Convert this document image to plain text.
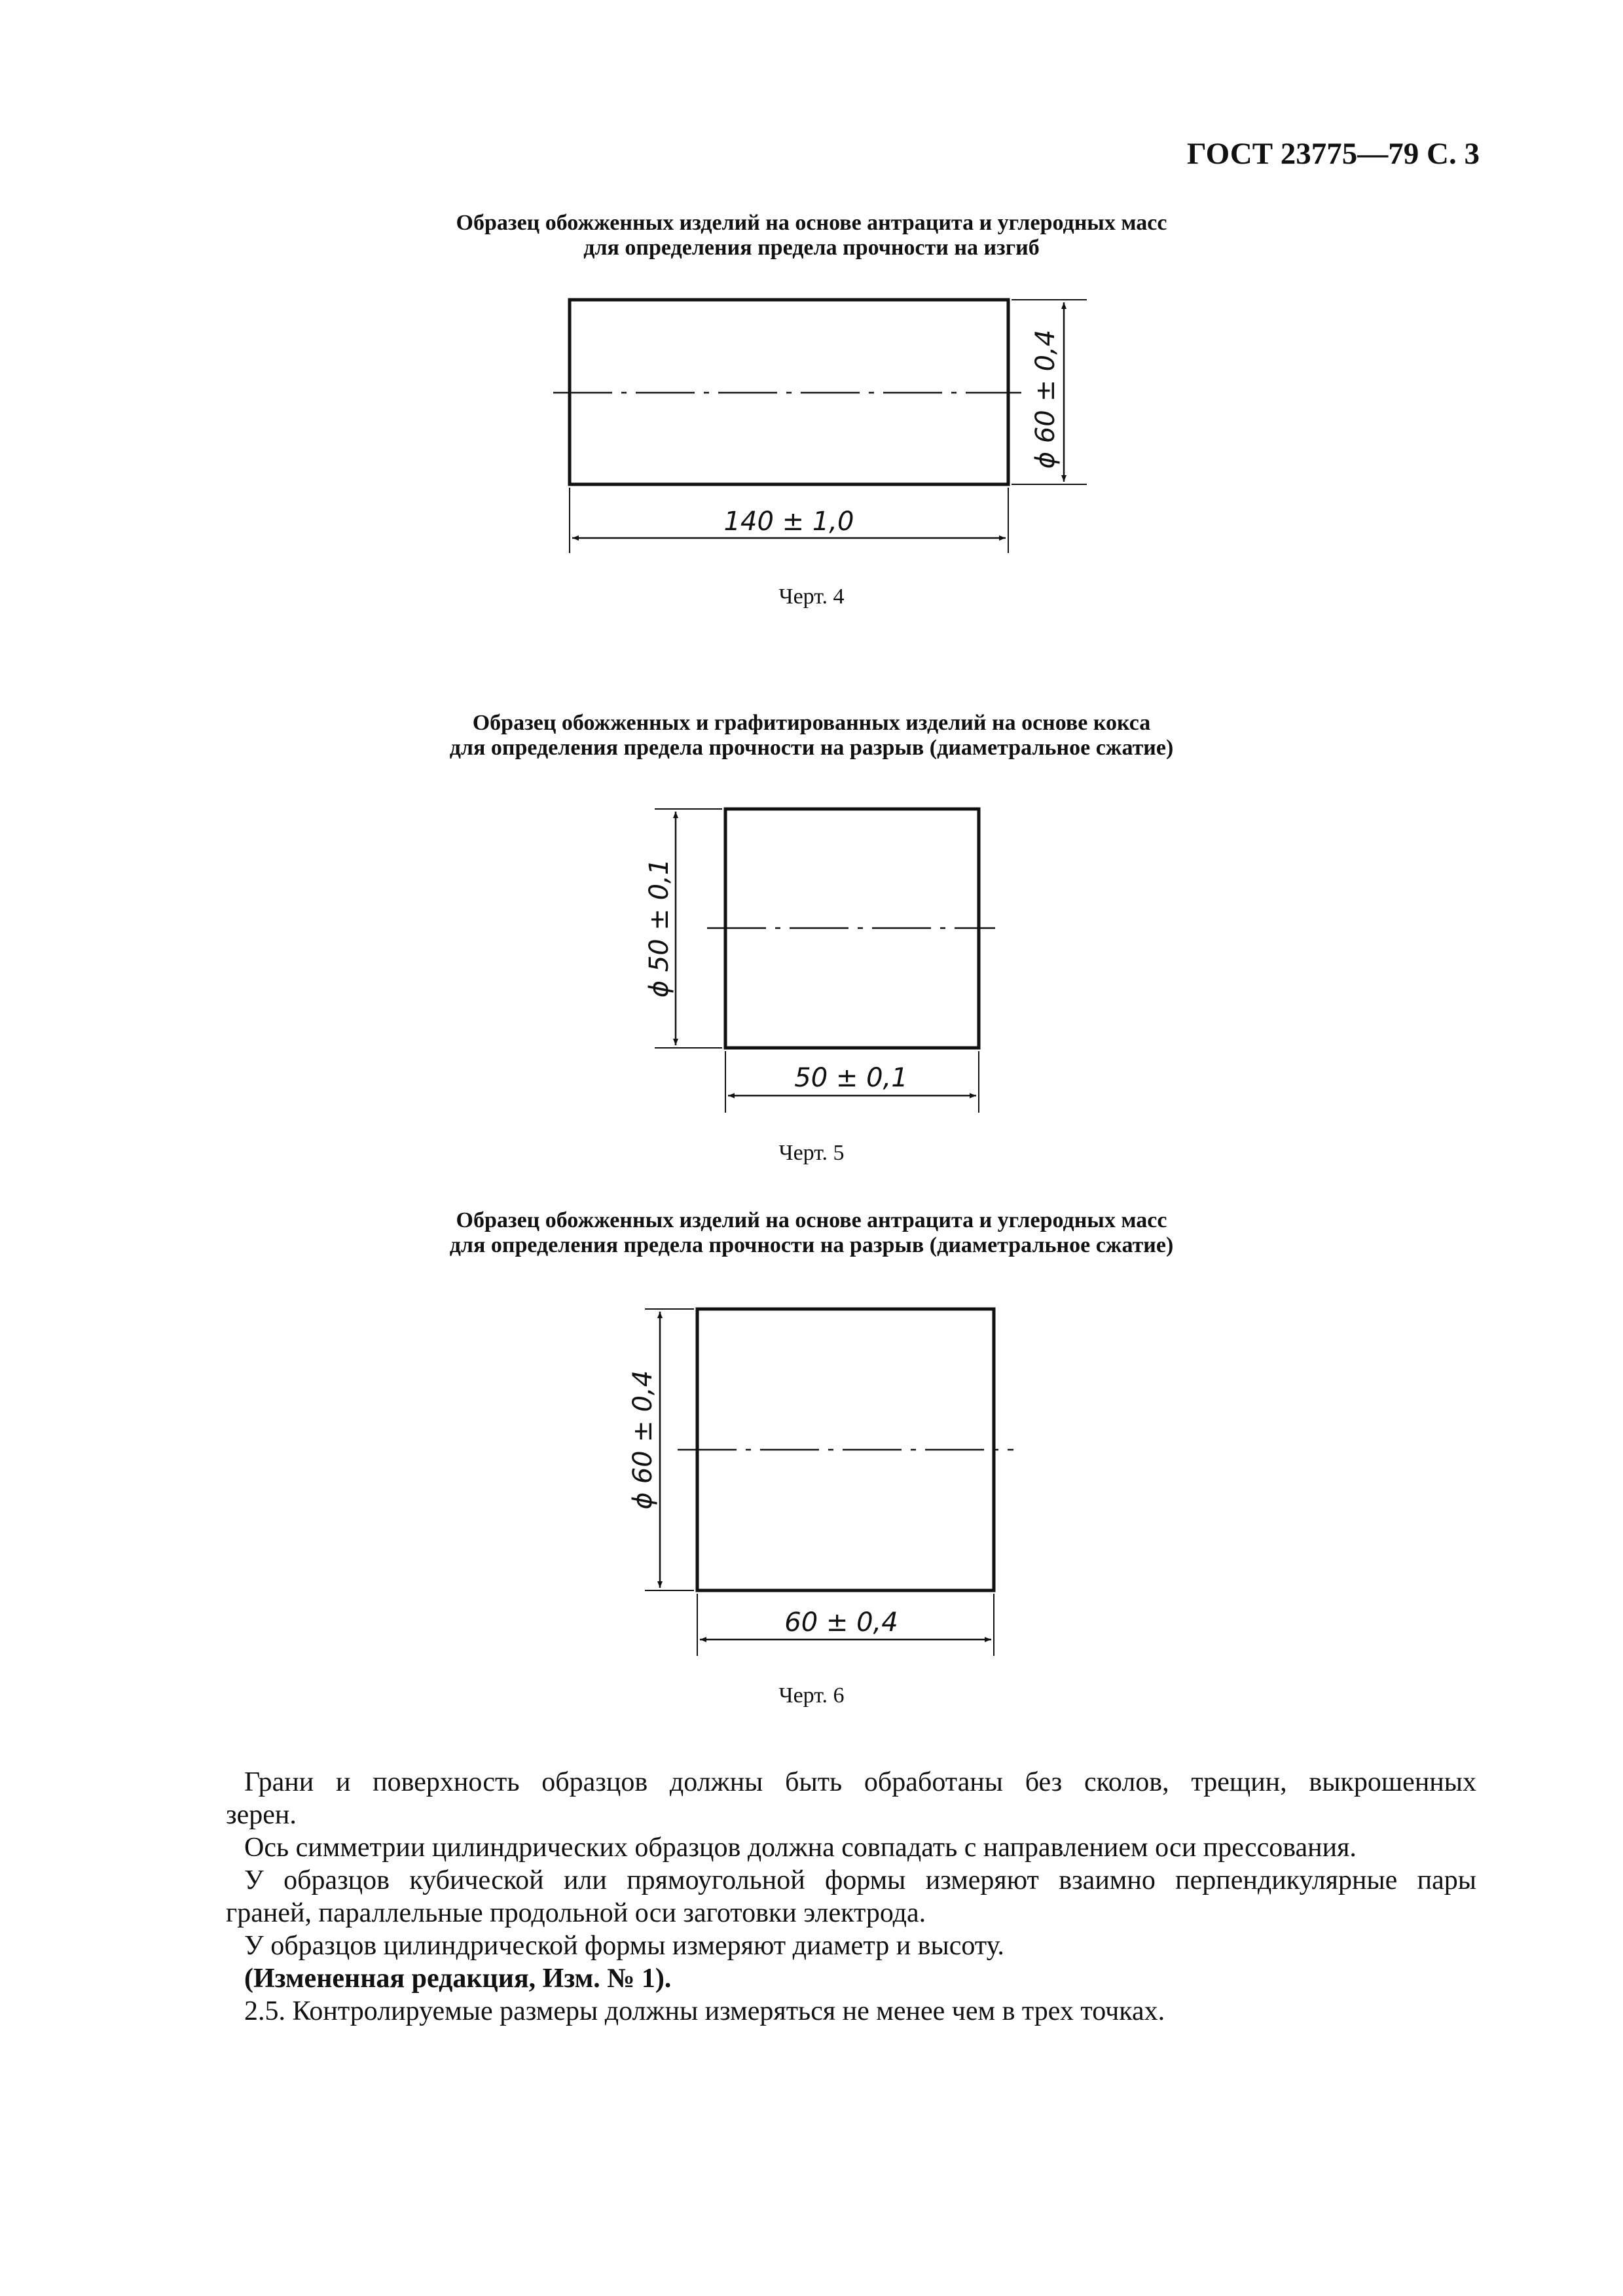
ГОСТ 23775—79 С. 3
Образец обожженных изделий на основе антрацита и углеродных масс
для определения предела прочности на изгиб
Образец обожженных и графитированных изделий на основе кокса
для определения предела прочности на разрыв (диаметральное сжатие)
Образец обожженных изделий на основе антрацита и углеродных масс
для определения предела прочности на разрыв (диаметральное сжатие)
ϕ 60 ± 0,4
140 ± 1,0
ϕ 50 ± 0,1
50 ± 0,1
ϕ 60 ± 0,4
60 ± 0,4
Черт. 4
Черт. 5
Черт. 6

Грани и поверхность образцов должны быть обработаны без сколов, трещин, выкрошенных

зерен.

Ось симметрии цилиндрических образцов должна совпадать с направлением оси прессования.

У образцов кубической или прямоугольной формы измеряют взаимно перпендикулярные пары

граней, параллельные продольной оси заготовки электрода.

У образцов цилиндрической формы измеряют диаметр и высоту.

(Измененная редакция, Изм. № 1).

2.5. Контролируемые размеры должны измеряться не менее чем в трех точках.
